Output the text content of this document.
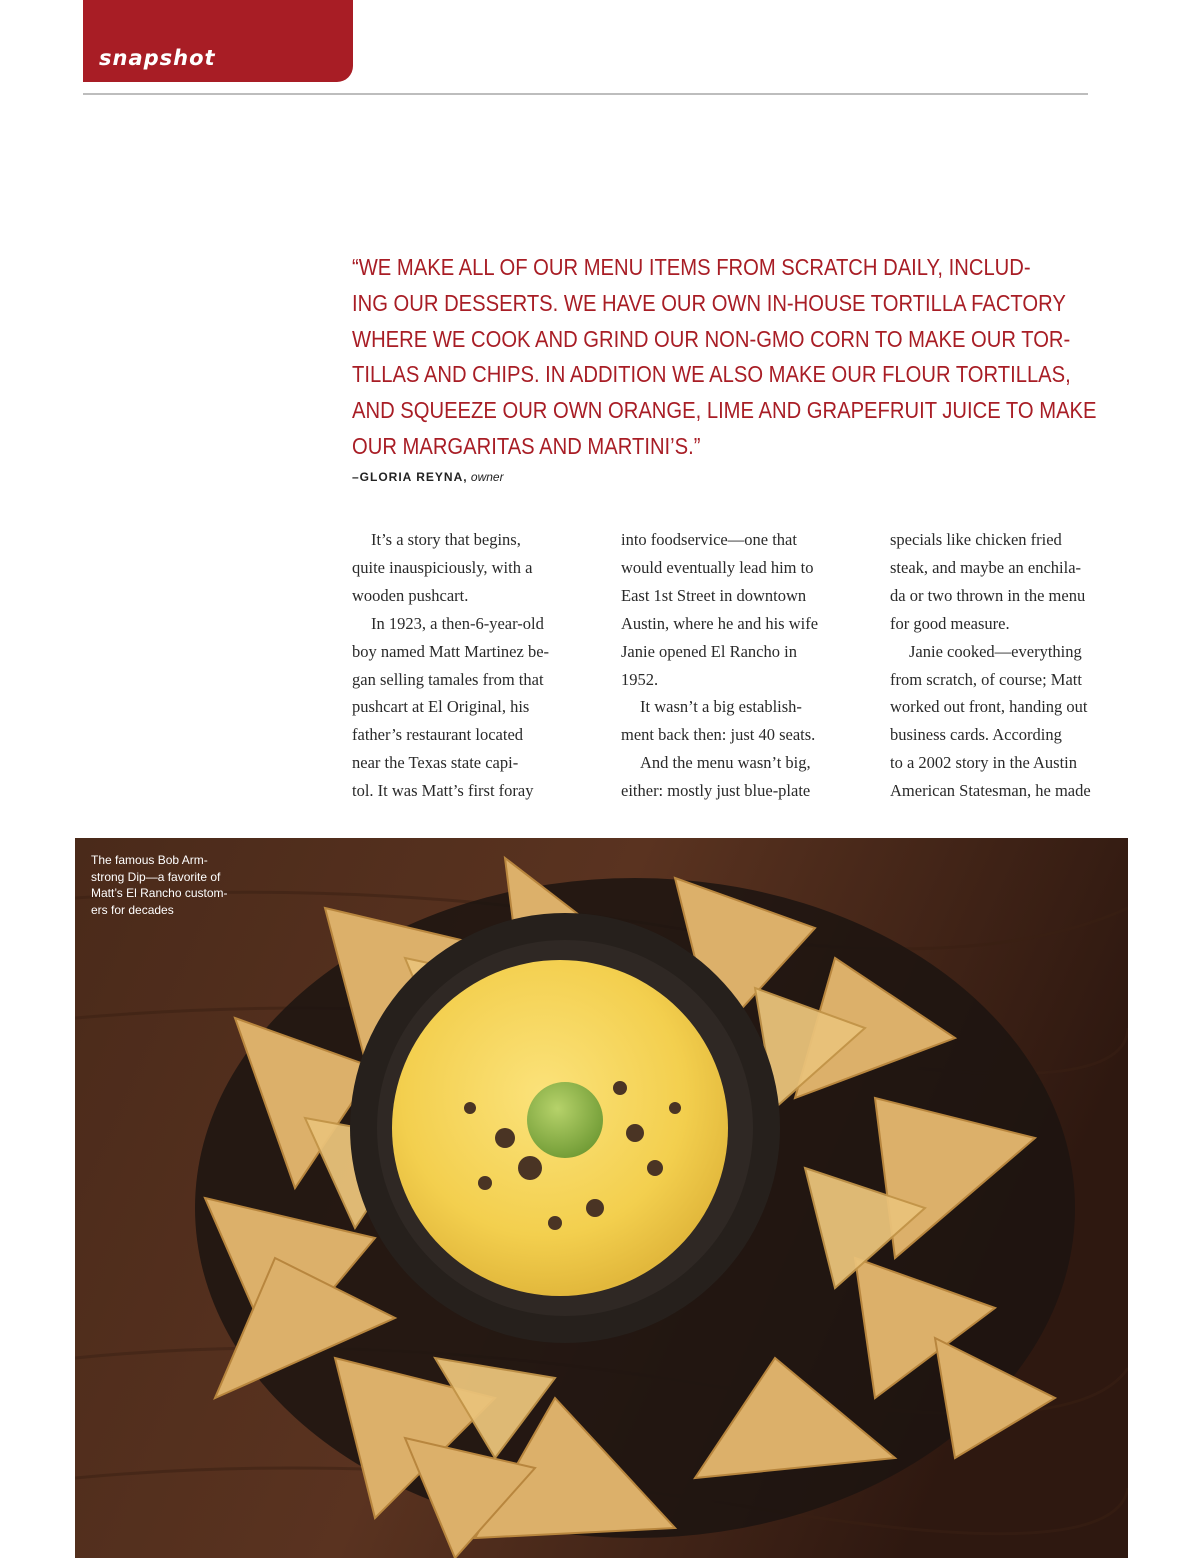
snapshot
“WE MAKE ALL OF OUR MENU ITEMS FROM SCRATCH DAILY, INCLUD-
ING OUR DESSERTS. WE HAVE OUR OWN IN-HOUSE TORTILLA FACTORY
WHERE WE COOK AND GRIND OUR NON-GMO CORN TO MAKE OUR TOR-
TILLAS AND CHIPS. IN ADDITION WE ALSO MAKE OUR FLOUR TORTILLAS,
AND SQUEEZE OUR OWN ORANGE, LIME AND GRAPEFRUIT JUICE TO MAKE
OUR MARGARITAS AND MARTINI’S.”
–GLORIA REYNA, owner
It’s a story that begins,
quite inauspiciously, with a
wooden pushcart.
In 1923, a then-6-year-old
boy named Matt Martinez be-
gan selling tamales from that
pushcart at El Original, his
father’s restaurant located
near the Texas state capi-
tol. It was Matt’s first foray
into foodservice—one that
would eventually lead him to
East 1st Street in downtown
Austin, where he and his wife
Janie opened El Rancho in
1952.
It wasn’t a big establish-
ment back then: just 40 seats.
And the menu wasn’t big,
either: mostly just blue-plate
specials like chicken fried
steak, and maybe an enchila-
da or two thrown in the menu
for good measure.
Janie cooked—everything
from scratch, of course; Matt
worked out front, handing out
business cards. According
to a 2002 story in the Austin
American Statesman, he made
The famous Bob Arm-
strong Dip—a favorite of
Matt’s El Rancho custom-
ers for decades
